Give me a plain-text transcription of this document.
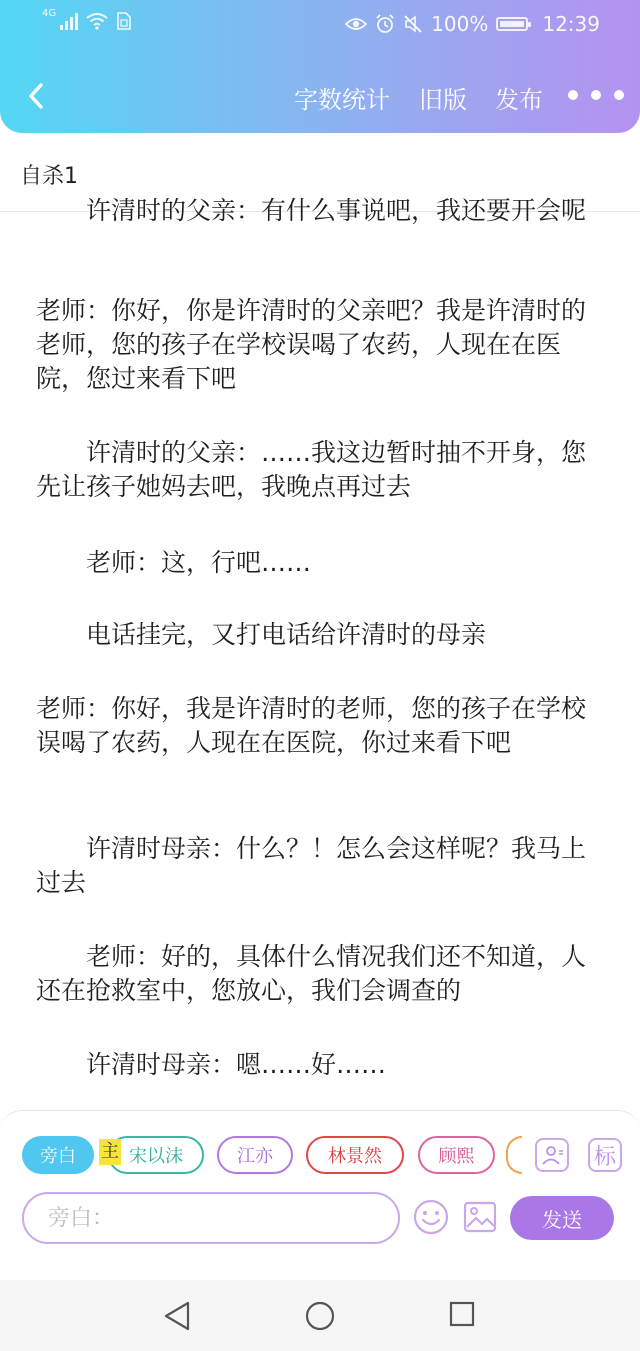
4G	100%	12:39
字数统计 旧版 发布
自杀1
　　许清时的父亲：有什么事说吧，我还要开会呢
老师：你好，你是许清时的父亲吧？我是许清时的老师，您的孩子在学校误喝了农药，人现在在医院，您过来看下吧
　　许清时的父亲：……我这边暂时抽不开身，您先让孩子她妈去吧，我晚点再过去
　　老师：这，行吧……
　　电话挂完，又打电话给许清时的母亲
老师：你好，我是许清时的老师，您的孩子在学校误喝了农药，人现在在医院，你过来看下吧
　　许清时母亲：什么？！怎么会这样呢？我马上过去
　　老师：好的，具体什么情况我们还不知道，人还在抢救室中，您放心，我们会调查的
　　许清时母亲：嗯……好……
旁白	宋以沫
主	江亦	林景然	顾熙	标
旁白：
发送
